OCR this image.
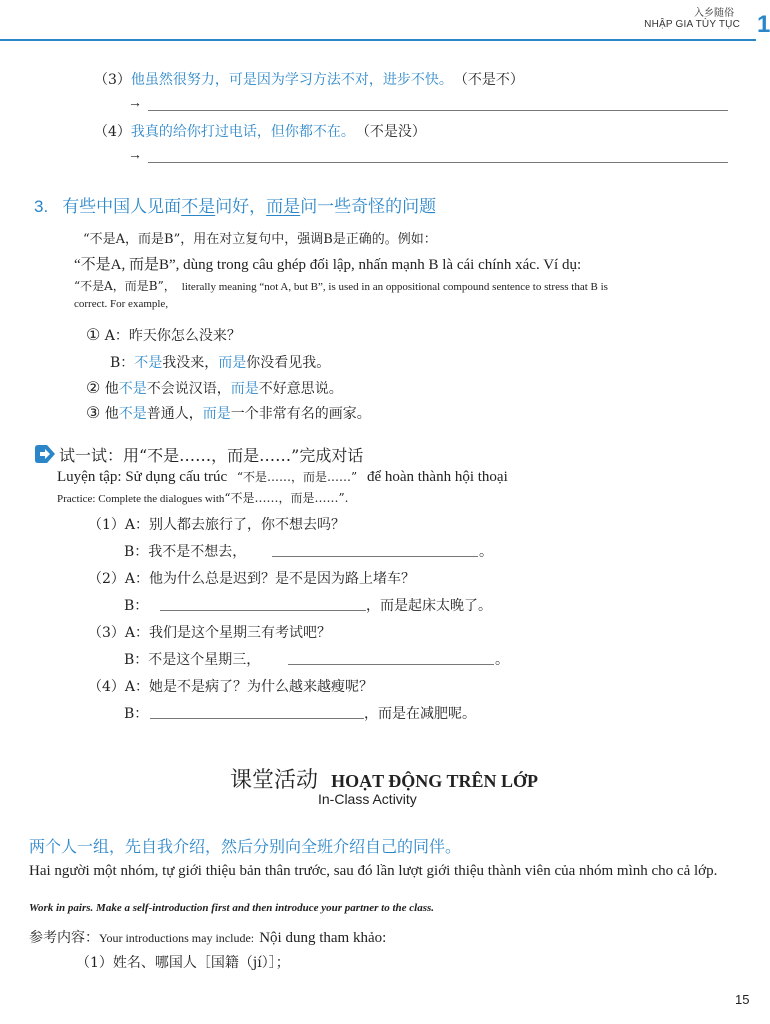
入乡随俗
NHẬP GIA TÙY TỤC 1
（3）他虽然很努力，可是因为学习方法不对，进步不快。 （不是不）
→
（4）我真的给你打过电话，但你都不在。 （不是没）
→
3. 有些中国人见面不是问好，而是问一些奇怪的问题
“不是A，而是B”，用在对立复句中，强调B是正确的。例如：
“不是A, 而是B”, dùng trong câu ghép đối lập, nhấn mạnh B là cái chính xác. Ví dụ:
“不是A，而是B”， literally meaning “not A, but B”, is used in an oppositional compound sentence to stress that B is
correct. For example,
① A：昨天你怎么没来？
B：不是我没来，而是你没看见我。
② 他不是不会说汉语，而是不好意思说。
③ 他不是普通人，而是一个非常有名的画家。
试一试：用“不是……，而是……”完成对话
Luyện tập: Sử dụng cấu trúc “不是……，而是……” để hoàn thành hội thoại
Practice: Complete the dialogues with“不是……，而是……”.
（1）A：别人都去旅行了，你不想去吗？
B：我不是不想去，	。
（2）A：他为什么总是迟到？是不是因为路上堵车？
B：	，而是起床太晚了。
（3）A：我们是这个星期三有考试吧？
B：不是这个星期三，	。
（4）A：她是不是病了？为什么越来越瘦呢？
B：	，而是在减肥呢。
课堂活动 HOẠT ĐỘNG TRÊN LỚP
In-Class Activity
两个人一组，先自我介绍，然后分别向全班介绍自己的同伴。
Hai người một nhóm, tự giới thiệu bản thân trước, sau đó lần lượt giới thiệu thành viên của nhóm mình cho cả lớp.
Work in pairs. Make a self-introduction first and then introduce your partner to the class.
参考内容：Your introductions may include: Nội dung tham khảo:
（1）姓名、哪国人［国籍（jí）］；
15
